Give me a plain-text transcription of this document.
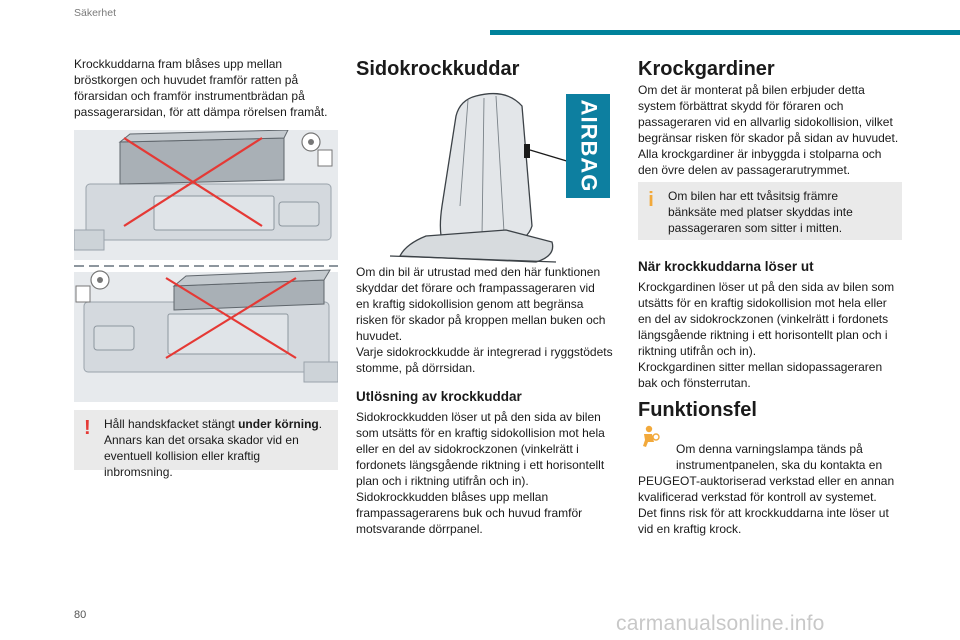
Säkerhet
Krockkuddarna fram blåses upp mellan
bröstkorgen och huvudet framför ratten på
förarsidan och framför instrumentbrädan på
passagerarsidan, för att dämpa rörelsen framåt.
!	Håll handskfacket stängt under körning.
Annars kan det orsaka skador vid en
eventuell kollision eller kraftig inbromsning.
Sidokrockkuddar
AIRBAG
Om din bil är utrustad med den här funktionen
skyddar det förare och frampassageraren vid
en kraftig sidokollision genom att begränsa
risken för skador på kroppen mellan buken och
huvudet.
Varje sidokrockkudde är integrerad i ryggstödets
stomme, på dörrsidan.
Utlösning av krockkuddar
Sidokrockkudden löser ut på den sida av bilen
som utsätts för en kraftig sidokollision mot hela
eller en del av sidokrockzonen (vinkelrätt i
fordonets längsgående riktning i ett horisontellt
plan och i riktning utifrån och in).
Sidokrockkudden blåses upp mellan
frampassagerarens buk och huvud framför
motsvarande dörrpanel.
Krockgardiner
Om det är monterat på bilen erbjuder detta
system förbättrat skydd för föraren och
passageraren vid en allvarlig sidokollision, vilket
begränsar risken för skador på sidan av huvudet.
Alla krockgardiner är inbyggda i stolparna och
den övre delen av passagerarutrymmet.
i	Om bilen har ett tvåsitsig främre
bänksäte med platser skyddas inte
passageraren som sitter i mitten.
När krockkuddarna löser ut
Krockgardinen löser ut på den sida av bilen som
utsätts för en kraftig sidokollision mot hela eller
en del av sidokrockzonen (vinkelrätt i fordonets
längsgående riktning i ett horisontellt plan och i
riktning utifrån och in).
Krockgardinen sitter mellan sidopassageraren
bak och fönsterrutan.
Funktionsfel

Om denna varningslampa tänds på
instrumentpanelen, ska du kontakta en
PEUGEOT-auktoriserad verkstad eller en annan
kvalificerad verkstad för kontroll av systemet.
Det finns risk för att krockkuddarna inte löser ut
vid en kraftig krock.

80	carmanualsonline.info
